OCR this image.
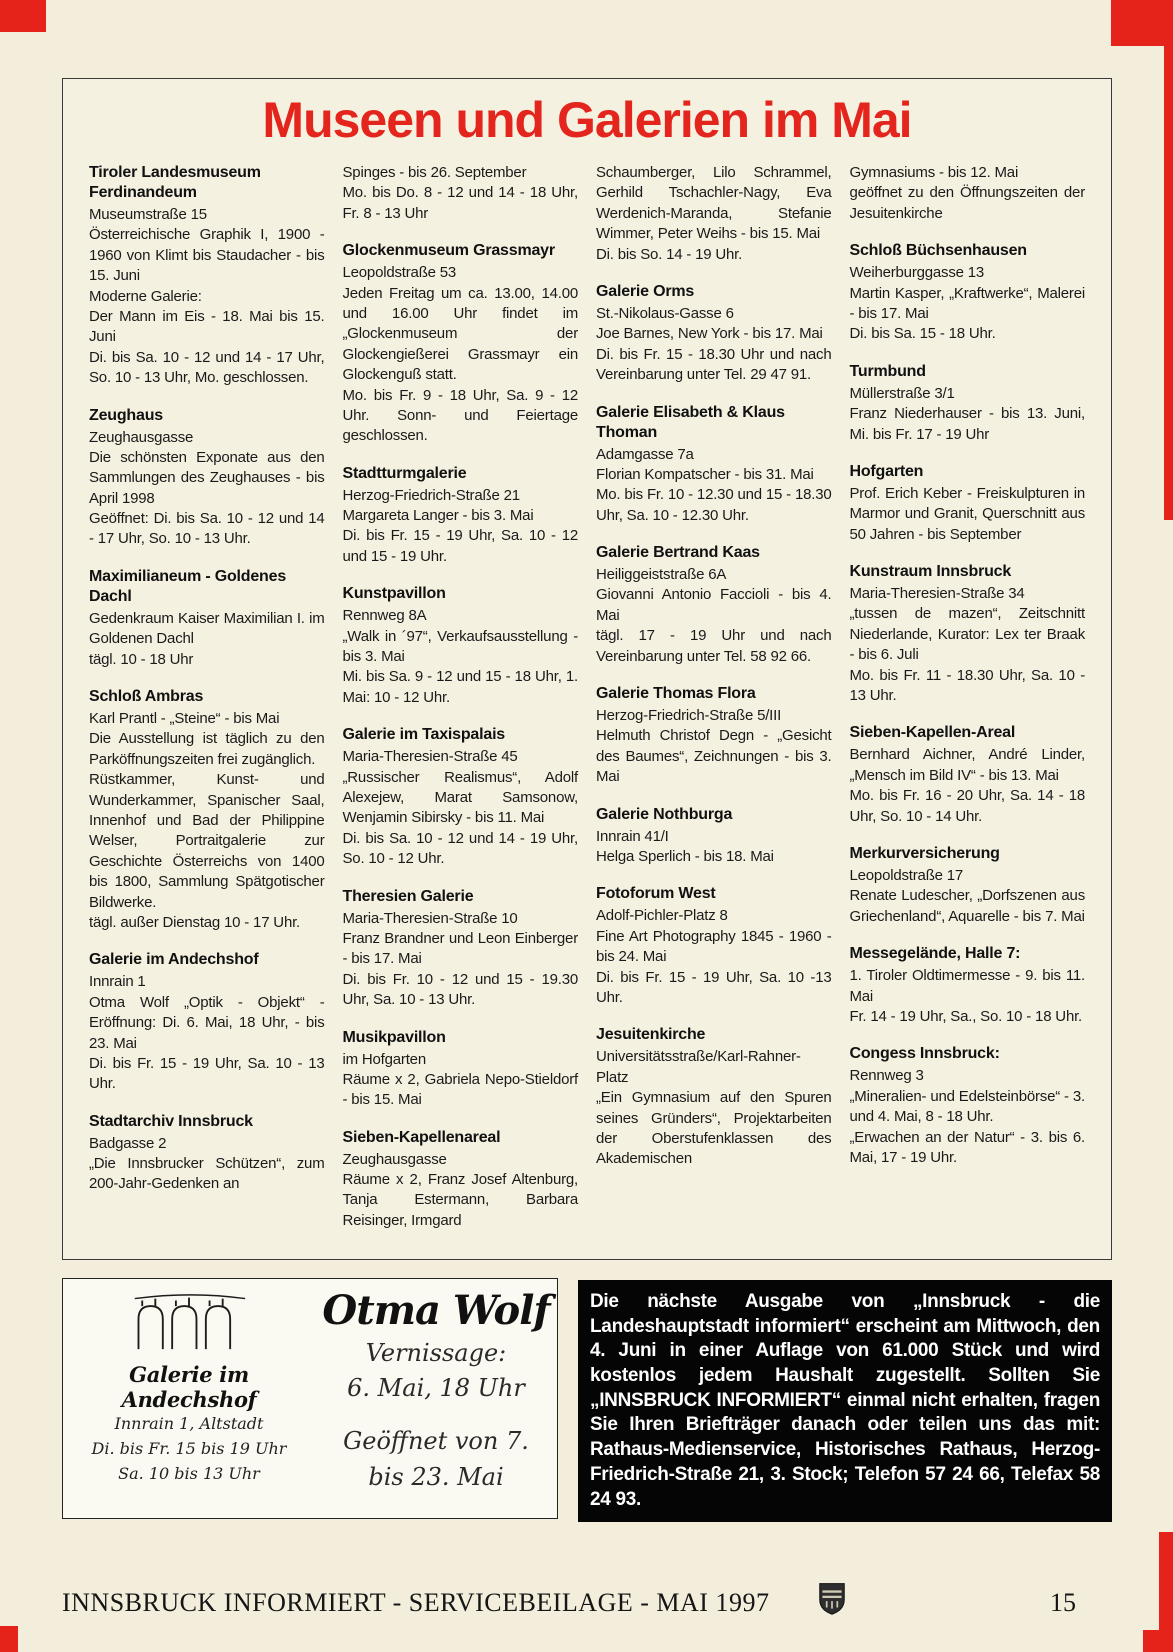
Museen und Galerien im Mai
Tiroler Landesmuseum Ferdinandeum

Museumstraße 15

Österreichische Graphik I, 1900 - 1960 von Klimt bis Staudacher - bis 15. Juni

Moderne Galerie:

Der Mann im Eis - 18. Mai bis 15. Juni

Di. bis Sa. 10 - 12 und 14 - 17 Uhr, So. 10 - 13 Uhr, Mo. geschlossen.

Zeughaus

Zeughausgasse

Die schönsten Exponate aus den Sammlungen des Zeughauses - bis April 1998

Geöffnet: Di. bis Sa. 10 - 12 und 14 - 17 Uhr, So. 10 - 13 Uhr.

Maximilianeum - Goldenes Dachl

Gedenkraum Kaiser Maximilian I. im Goldenen Dachl

tägl. 10 - 18 Uhr

Schloß Ambras

Karl Prantl - „Steine“ - bis Mai

Die Ausstellung ist täglich zu den Parköffnungszeiten frei zugänglich.

Rüstkammer, Kunst- und Wunderkammer, Spanischer Saal, Innenhof und Bad der Philippine Welser, Portraitgalerie zur Geschichte Österreichs von 1400 bis 1800, Sammlung Spätgotischer Bildwerke.

tägl. außer Dienstag 10 - 17 Uhr.

Galerie im Andechshof

Innrain 1

Otma Wolf „Optik - Objekt“ - Eröffnung: Di. 6. Mai, 18 Uhr, - bis 23. Mai

Di. bis Fr. 15 - 19 Uhr, Sa. 10 - 13 Uhr.

Stadtarchiv Innsbruck

Badgasse 2

„Die Innsbrucker Schützen“, zum 200-Jahr-Gedenken an

Spinges - bis 26. September

Mo. bis Do. 8 - 12 und 14 - 18 Uhr, Fr. 8 - 13 Uhr

Glockenmuseum Grassmayr

Leopoldstraße 53

Jeden Freitag um ca. 13.00, 14.00 und 16.00 Uhr findet im „Glockenmuseum der Glockengießerei Grassmayr ein Glockenguß statt.

Mo. bis Fr. 9 - 18 Uhr, Sa. 9 - 12 Uhr. Sonn- und Feiertage geschlossen.

Stadtturmgalerie

Herzog-Friedrich-Straße 21

Margareta Langer - bis 3. Mai

Di. bis Fr. 15 - 19 Uhr, Sa. 10 - 12 und 15 - 19 Uhr.

Kunstpavillon

Rennweg 8A

„Walk in ´97“, Verkaufsausstellung - bis 3. Mai

Mi. bis Sa. 9 - 12 und 15 - 18 Uhr, 1. Mai: 10 - 12 Uhr.

Galerie im Taxispalais

Maria-Theresien-Straße 45

„Russischer Realismus“, Adolf Alexejew, Marat Samsonow, Wenjamin Sibirsky - bis 11. Mai

Di. bis Sa. 10 - 12 und 14 - 19 Uhr, So. 10 - 12 Uhr.

Theresien Galerie

Maria-Theresien-Straße 10

Franz Brandner und Leon Einberger - bis 17. Mai

Di. bis Fr. 10 - 12 und 15 - 19.30 Uhr, Sa. 10 - 13 Uhr.

Musikpavillon

im Hofgarten

Räume x 2, Gabriela Nepo-Stieldorf - bis 15. Mai

Sieben-Kapellenareal

Zeughausgasse

Räume x 2, Franz Josef Altenburg, Tanja Estermann, Barbara Reisinger, Irmgard

Schaumberger, Lilo Schrammel, Gerhild Tschachler-Nagy, Eva Werdenich-Maranda, Stefanie Wimmer, Peter Weihs - bis 15. Mai

Di. bis So. 14 - 19 Uhr.

Galerie Orms

St.-Nikolaus-Gasse 6

Joe Barnes, New York - bis 17. Mai

Di. bis Fr. 15 - 18.30 Uhr und nach Vereinbarung unter Tel. 29 47 91.

Galerie Elisabeth & Klaus Thoman

Adamgasse 7a

Florian Kompatscher - bis 31. Mai

Mo. bis Fr. 10 - 12.30 und 15 - 18.30 Uhr, Sa. 10 - 12.30 Uhr.

Galerie Bertrand Kaas

Heiliggeiststraße 6A

Giovanni Antonio Faccioli - bis 4. Mai

tägl. 17 - 19 Uhr und nach Vereinbarung unter Tel. 58 92 66.

Galerie Thomas Flora

Herzog-Friedrich-Straße 5/III

Helmuth Christof Degn - „Gesicht des Baumes“, Zeichnungen - bis 3. Mai

Galerie Nothburga

Innrain 41/I

Helga Sperlich - bis 18. Mai

Fotoforum West

Adolf-Pichler-Platz 8

Fine Art Photography 1845 - 1960 - bis 24. Mai

Di. bis Fr. 15 - 19 Uhr, Sa. 10 -13 Uhr.

Jesuitenkirche

Universitätsstraße/Karl-Rahner-Platz

„Ein Gymnasium auf den Spuren seines Gründers“, Projektarbeiten der Oberstufenklassen des Akademischen

Gymnasiums - bis 12. Mai

geöffnet zu den Öffnungszeiten der Jesuitenkirche

Schloß Büchsenhausen

Weiherburggasse 13

Martin Kasper, „Kraftwerke“, Malerei - bis 17. Mai

Di. bis Sa. 15 - 18 Uhr.

Turmbund

Müllerstraße 3/1

Franz Niederhauser - bis 13. Juni, Mi. bis Fr. 17 - 19 Uhr

Hofgarten

Prof. Erich Keber - Freiskulpturen in Marmor und Granit, Querschnitt aus 50 Jahren - bis September

Kunstraum Innsbruck

Maria-Theresien-Straße 34

„tussen de mazen“, Zeitschnitt Niederlande, Kurator: Lex ter Braak - bis 6. Juli

Mo. bis Fr. 11 - 18.30 Uhr, Sa. 10 - 13 Uhr.

Sieben-Kapellen-Areal

Bernhard Aichner, André Linder, „Mensch im Bild IV“ - bis 13. Mai

Mo. bis Fr. 16 - 20 Uhr, Sa. 14 - 18 Uhr, So. 10 - 14 Uhr.

Merkurversicherung

Leopoldstraße 17

Renate Ludescher, „Dorfszenen aus Griechenland“, Aquarelle - bis 7. Mai

Messegelände, Halle 7:

1. Tiroler Oldtimermesse - 9. bis 11. Mai

Fr. 14 - 19 Uhr, Sa., So. 10 - 18 Uhr.

Congess Innsbruck:

Rennweg 3

„Mineralien- und Edelsteinbörse“ - 3. und 4. Mai, 8 - 18 Uhr.

„Erwachen an der Natur“ - 3. bis 6. Mai, 17 - 19 Uhr.

Galerie im Andechshof
Innrain 1, Altstadt
Di. bis Fr. 15 bis 19 Uhr
Sa. 10 bis 13 Uhr
Otma Wolf
Vernissage:
6. Mai, 18 Uhr
Geöffnet von 7.
bis 23. Mai
Die nächste Ausgabe von „Innsbruck - die Landeshauptstadt informiert“ erscheint am Mittwoch, den 4. Juni in einer Auflage von 61.000 Stück und wird kostenlos jedem Haushalt zugestellt. Sollten Sie „INNSBRUCK INFORMIERT“ einmal nicht erhalten, fragen Sie Ihren Briefträger danach oder teilen uns das mit: Rathaus-Medienservice, Historisches Rathaus, Herzog-Friedrich-Straße 21, 3. Stock; Telefon 57 24 66, Telefax 58 24 93.
INNSBRUCK INFORMIERT - SERVICEBEILAGE - MAI 1997	15
